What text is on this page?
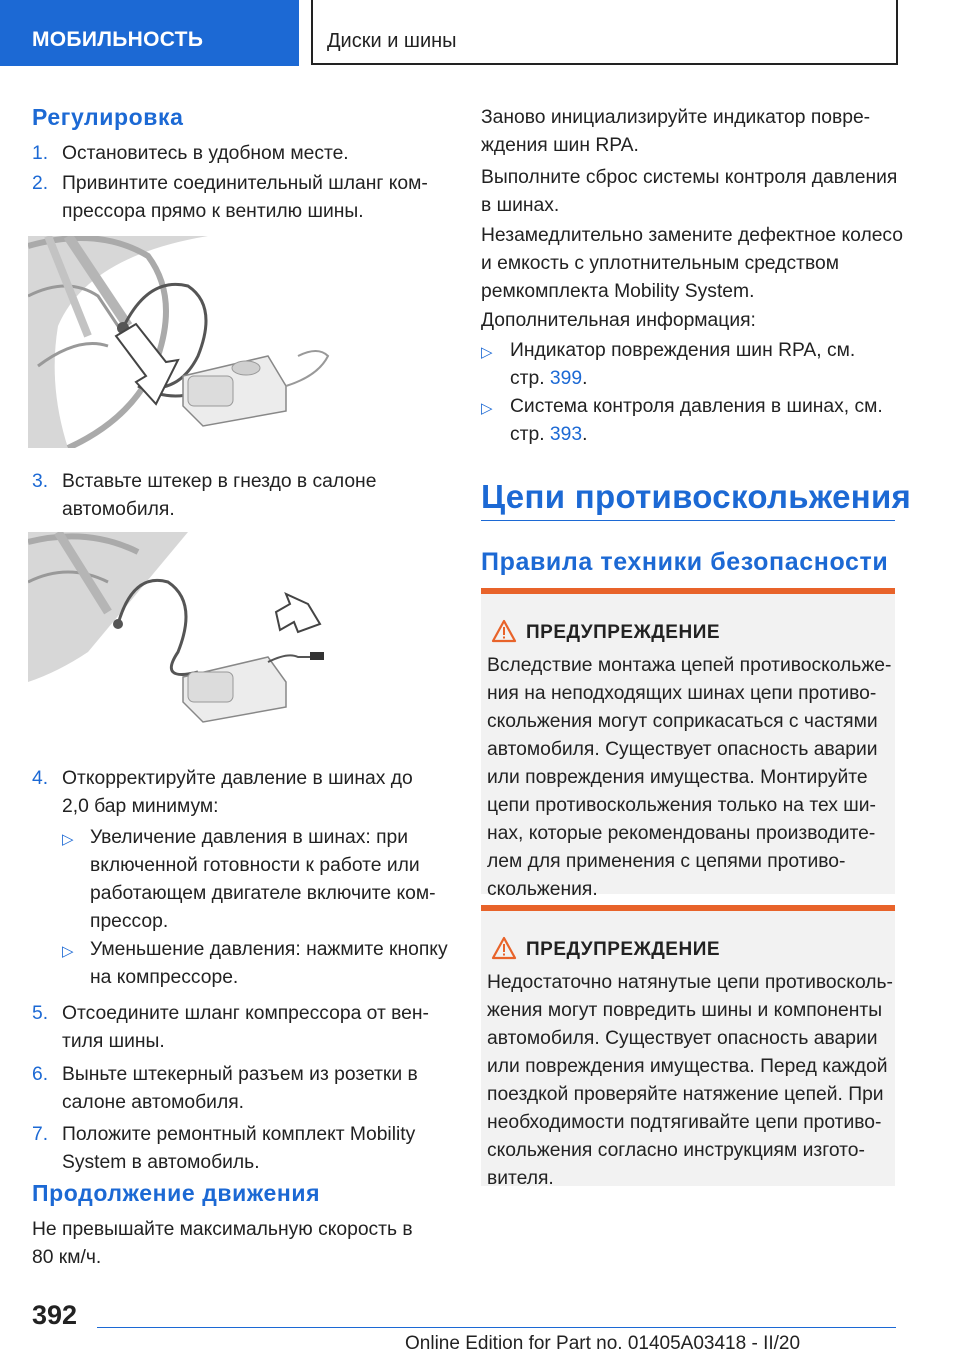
МОБИЛЬНОСТЬ	Диски и шины
Регулировка
1. Остановитесь в удобном месте.
2. Привинтите соединительный шланг ком-
прессора прямо к вентилю шины.
3. Вставьте штекер в гнездо в салоне
автомобиля.
4. Откорректируйте давление в шинах до
2,0 бар минимум:
▷ Увеличение давления в шинах: при
включенной готовности к работе или
работающем двигателе включите ком-
прессор.
▷ Уменьшение давления: нажмите кнопку
на компрессоре.
5. Отсоедините шланг компрессора от вен-
тиля шины.
6. Выньте штекерный разъем из розетки в
салоне автомобиля.
7. Положите ремонтный комплект Mobility
System в автомобиль.
Продолжение движения
Не превышайте максимальную скорость в
80 км/ч.
Заново инициализируйте индикатор повре-
ждения шин RPA.
Выполните сброс системы контроля давления
в шинах.
Незамедлительно замените дефектное колесо
и емкость с уплотнительным средством
ремкомплекта Mobility System.
Дополнительная информация:
▷ Индикатор повреждения шин RPA, см.
стр. 399.
▷ Система контроля давления в шинах, см.
стр. 393.
Цепи противоскольжения
Правила техники безопасности
ПРЕДУПРЕЖДЕНИЕ
Вследствие монтажа цепей противоскольже-
ния на неподходящих шинах цепи противо-
скольжения могут соприкасаться с частями
автомобиля. Существует опасность аварии
или повреждения имущества. Монтируйте
цепи противоскольжения только на тех ши-
нах, которые рекомендованы производите-
лем для применения с цепями противо-
скольжения.
ПРЕДУПРЕЖДЕНИЕ
Недостаточно натянутые цепи противосколь-
жения могут повредить шины и компоненты
автомобиля. Существует опасность аварии
или повреждения имущества. Перед каждой
поездкой проверяйте натяжение цепей. При
необходимости подтягивайте цепи противо-
скольжения согласно инструкциям изгото-
вителя.
392
Online Edition for Part no. 01405A03418 - II/20
